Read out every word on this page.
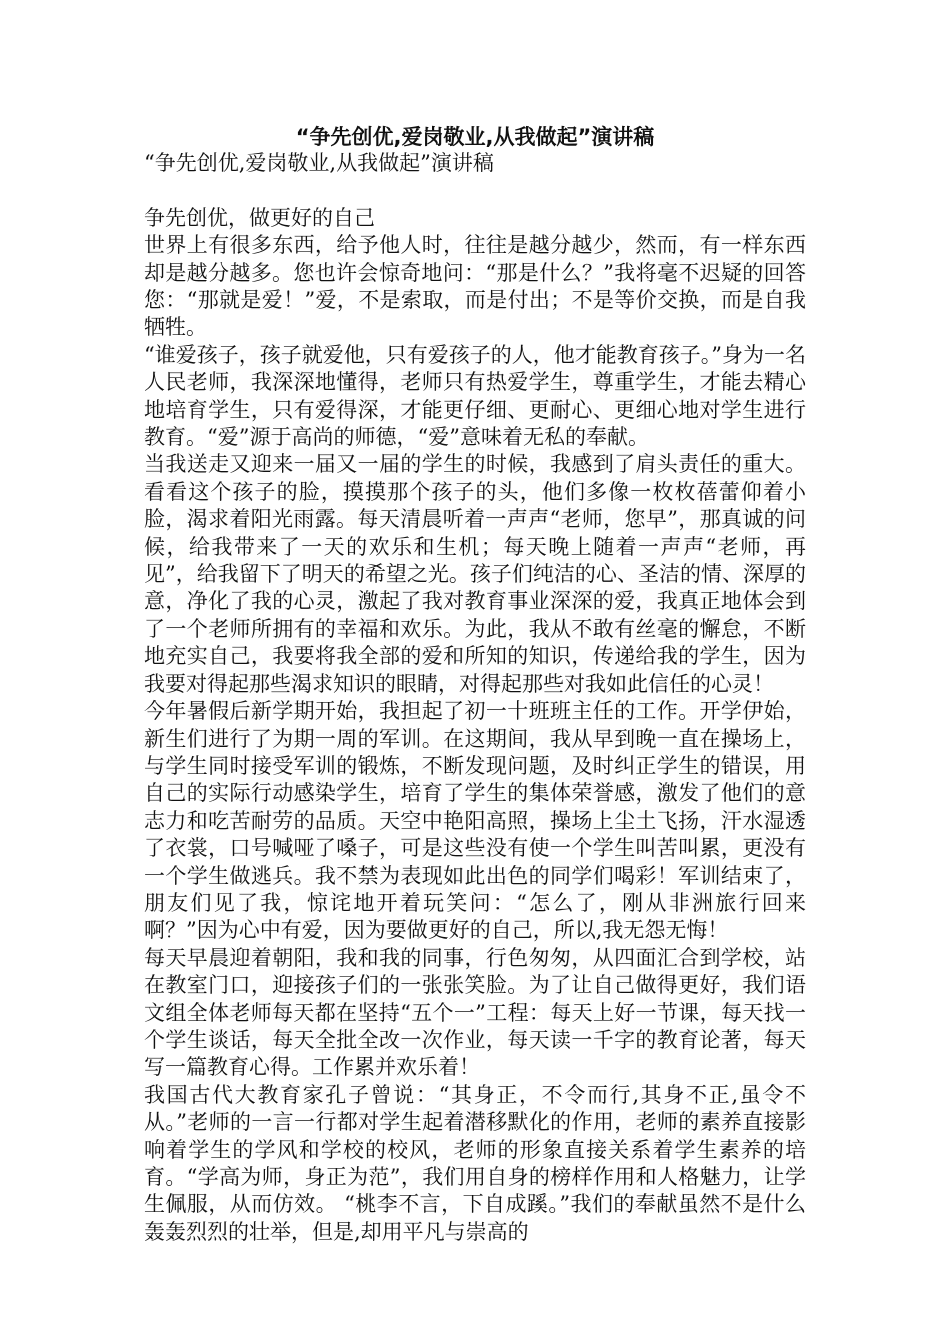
“争先创优,爱岗敬业,从我做起”演讲稿

“争先创优,爱岗敬业,从我做起”演讲稿

争先创优，做更好的自己

世界上有很多东西，给予他人时，往往是越分越少，然而，有一样东西却是越分越多。您也许会惊奇地问：“那是什么？”我将毫不迟疑的回答您：“那就是爱！”爱，不是索取，而是付出；不是等价交换，而是自我牺牲。

“谁爱孩子，孩子就爱他，只有爱孩子的人，他才能教育孩子。”身为一名人民老师，我深深地懂得，老师只有热爱学生，尊重学生，才能去精心地培育学生，只有爱得深，才能更仔细、更耐心、更细心地对学生进行教育。“爱”源于高尚的师德，“爱”意味着无私的奉献。

当我送走又迎来一届又一届的学生的时候，我感到了肩头责任的重大。看看这个孩子的脸，摸摸那个孩子的头，他们多像一枚枚蓓蕾仰着小脸，渴求着阳光雨露。每天清晨听着一声声“老师，您早”，那真诚的问候，给我带来了一天的欢乐和生机；每天晚上随着一声声“老师，再见”，给我留下了明天的希望之光。孩子们纯洁的心、圣洁的情、深厚的意，净化了我的心灵，激起了我对教育事业深深的爱，我真正地体会到了一个老师所拥有的幸福和欢乐。为此，我从不敢有丝毫的懈怠，不断地充实自己，我要将我全部的爱和所知的知识，传递给我的学生，因为我要对得起那些渴求知识的眼睛，对得起那些对我如此信任的心灵！

今年暑假后新学期开始，我担起了初一十班班主任的工作。开学伊始，新生们进行了为期一周的军训。在这期间，我从早到晚一直在操场上，与学生同时接受军训的锻炼，不断发现问题，及时纠正学生的错误，用自己的实际行动感染学生，培育了学生的集体荣誉感，激发了他们的意志力和吃苦耐劳的品质。天空中艳阳高照，操场上尘土飞扬，汗水湿透了衣裳，口号喊哑了嗓子，可是这些没有使一个学生叫苦叫累，更没有一个学生做逃兵。我不禁为表现如此出色的同学们喝彩！军训结束了，朋友们见了我，惊诧地开着玩笑问：“怎么了，刚从非洲旅行回来啊？”因为心中有爱，因为要做更好的自己，所以,我无怨无悔！

每天早晨迎着朝阳，我和我的同事，行色匆匆，从四面汇合到学校，站在教室门口，迎接孩子们的一张张笑脸。为了让自己做得更好，我们语文组全体老师每天都在坚持“五个一”工程：每天上好一节课，每天找一个学生谈话，每天全批全改一次作业，每天读一千字的教育论著，每天写一篇教育心得。工作累并欢乐着！

我国古代大教育家孔子曾说：“其身正，不令而行,其身不正,虽令不从。”老师的一言一行都对学生起着潜移默化的作用，老师的素养直接影响着学生的学风和学校的校风，老师的形象直接关系着学生素养的培育。“学高为师，身正为范”，我们用自身的榜样作用和人格魅力，让学生佩服，从而仿效。 “桃李不言，下自成蹊。”我们的奉献虽然不是什么轰轰烈烈的壮举，但是,却用平凡与崇高的
